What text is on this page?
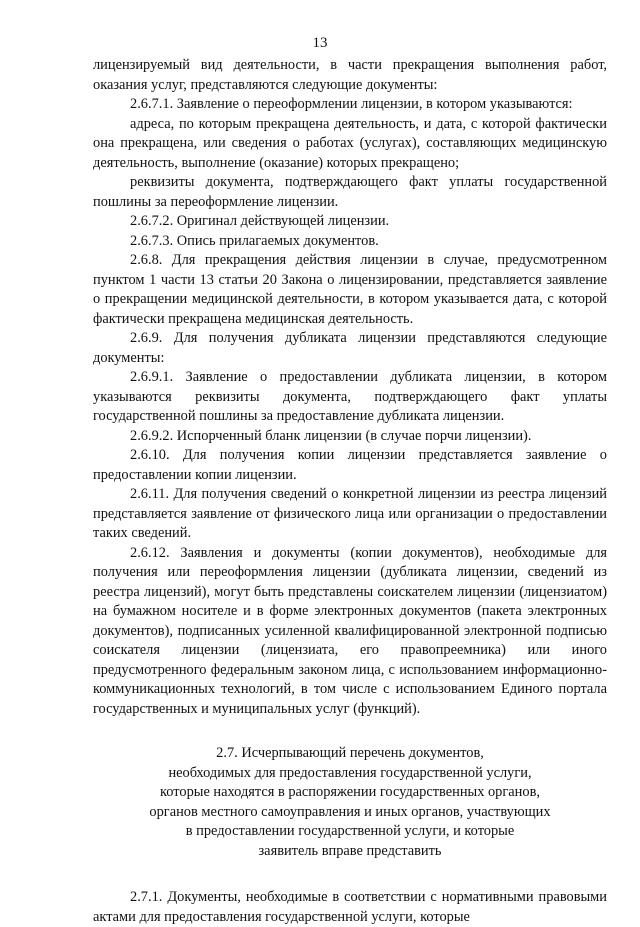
13

лицензируемый вид деятельности, в части прекращения выполнения работ, оказания услуг, представляются следующие документы:

2.6.7.1. Заявление о переоформлении лицензии, в котором указываются:

адреса, по которым прекращена деятельность, и дата, с которой фактически она прекращена, или сведения о работах (услугах), составляющих медицинскую деятельность, выполнение (оказание) которых прекращено;

реквизиты документа, подтверждающего факт уплаты государственной пошлины за переоформление лицензии.

2.6.7.2. Оригинал действующей лицензии.

2.6.7.3. Опись прилагаемых документов.

2.6.8. Для прекращения действия лицензии в случае, предусмотренном пунктом 1 части 13 статьи 20 Закона о лицензировании, представляется заявление о прекращении медицинской деятельности, в котором указывается дата, с которой фактически прекращена медицинская деятельность.

2.6.9. Для получения дубликата лицензии представляются следующие документы:

2.6.9.1. Заявление о предоставлении дубликата лицензии, в котором указываются реквизиты документа, подтверждающего факт уплаты государственной пошлины за предоставление дубликата лицензии.

2.6.9.2. Испорченный бланк лицензии (в случае порчи лицензии).

2.6.10. Для получения копии лицензии представляется заявление о предоставлении копии лицензии.

2.6.11. Для получения сведений о конкретной лицензии из реестра лицензий представляется заявление от физического лица или организации о предоставлении таких сведений.

2.6.12. Заявления и документы (копии документов), необходимые для получения или переоформления лицензии (дубликата лицензии, сведений из реестра лицензий), могут быть представлены соискателем лицензии (лицензиатом) на бумажном носителе и в форме электронных документов (пакета электронных документов), подписанных усиленной квалифицированной электронной подписью соискателя лицензии (лицензиата, его правопреемника) или иного предусмотренного федеральным законом лица, с использованием информационно-коммуникационных технологий, в том числе с использованием Единого портала государственных и муниципальных услуг (функций).

2.7. Исчерпывающий перечень документов,
необходимых для предоставления государственной услуги,
которые находятся в распоряжении государственных органов,
органов местного самоуправления и иных органов, участвующих
в предоставлении государственной услуги, и которые
заявитель вправе представить

2.7.1. Документы, необходимые в соответствии с нормативными правовыми актами для предоставления государственной услуги, которые
